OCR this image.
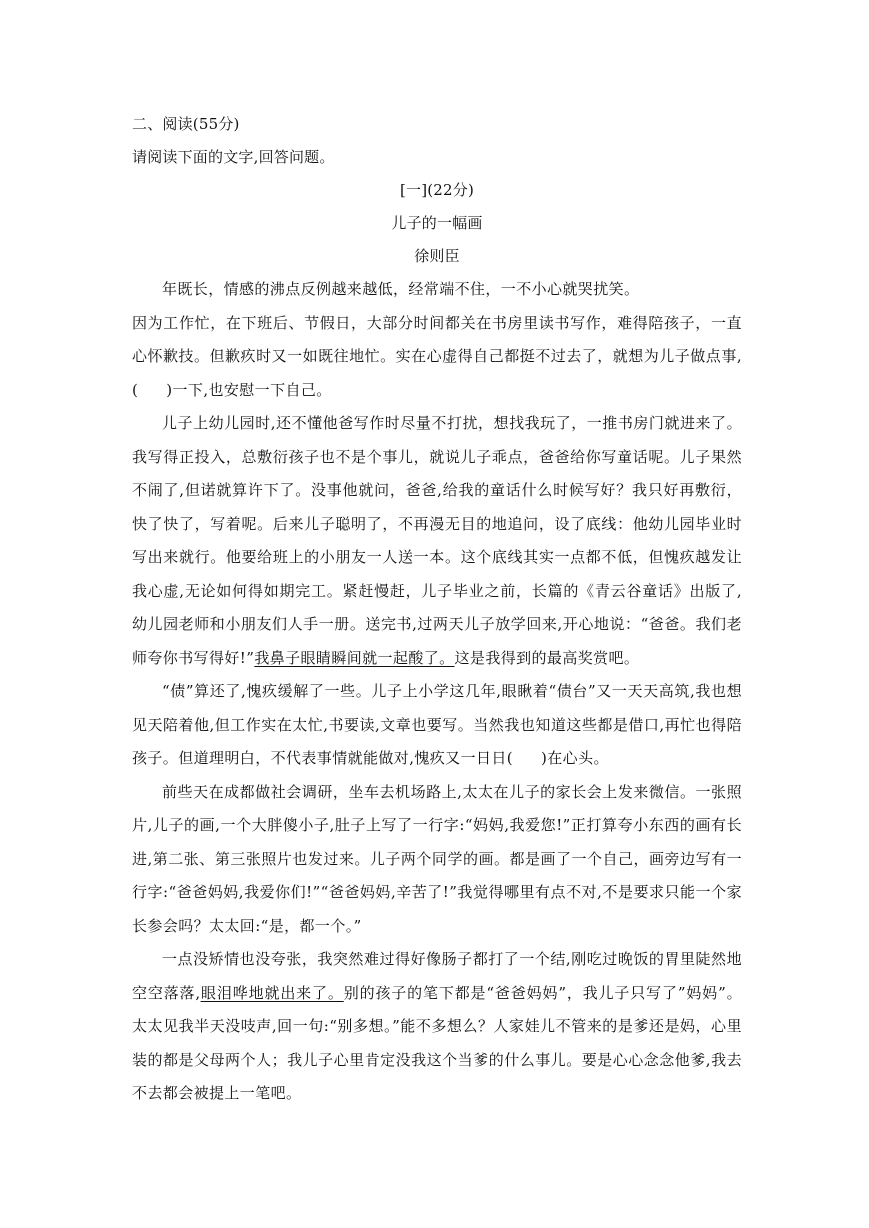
二、阅读(55分)
请阅读下面的文字,回答问题。
[一](22分)
儿子的一幅画
徐则臣
年既长，情感的沸点反例越来越低，经常端不住，一不小心就哭扰笑。
因为工作忙，在下班后、节假日，大部分时间都关在书房里读书写作，难得陪孩子，一直心怀歉技。但歉疚时又一如既往地忙。实在心虚得自己都挺不过去了，就想为儿子做点事,( )一下,也安慰一下自己。
儿子上幼儿园时,还不懂他爸写作时尽量不打扰，想找我玩了，一推书房门就进来了。我写得正投入，总敷衍孩子也不是个事儿，就说儿子乖点，爸爸给你写童话呢。儿子果然不闹了,但诺就算许下了。没事他就问，爸爸,给我的童话什么时候写好？我只好再敷衍，快了快了，写着呢。后来儿子聪明了，不再漫无目的地追问，设了底线：他幼儿园毕业时写出来就行。他要给班上的小朋友一人送一本。这个底线其实一点都不低，但愧疚越发让我心虚,无论如何得如期完工。紧赶慢赶，儿子毕业之前，长篇的《青云谷童话》出版了,幼儿园老师和小朋友们人手一册。送完书,过两天儿子放学回来,开心地说：“爸爸。我们老师夸你书写得好!”我鼻子眼睛瞬间就一起酸了。这是我得到的最高奖赏吧。
“债”算还了,愧疚缓解了一些。儿子上小学这几年,眼瞅着“债台”又一天天高筑,我也想见天陪着他,但工作实在太忙,书要读,文章也要写。当然我也知道这些都是借口,再忙也得陪孩子。但道理明白，不代表事情就能做对,愧疚又一日日( )在心头。
前些天在成都做社会调研，坐车去机场路上,太太在儿子的家长会上发来微信。一张照片,儿子的画,一个大胖傻小子,肚子上写了一行字:“妈妈,我爱您!”正打算夸小东西的画有长进,第二张、第三张照片也发过来。儿子两个同学的画。都是画了一个自己，画旁边写有一行字:“爸爸妈妈,我爱你们!”“爸爸妈妈,辛苦了!”我觉得哪里有点不对,不是要求只能一个家长参会吗？太太回:“是，都一个。”
一点没矫情也没夸张，我突然难过得好像肠子都打了一个结,刚吃过晚饭的胃里陡然地空空落落,眼泪哗地就出来了。别的孩子的笔下都是“爸爸妈妈”，我儿子只写了”妈妈”。 太太见我半天没吱声,回一句:“别多想。”能不多想么？人家娃儿不管来的是爹还是妈，心里装的都是父母两个人；我儿子心里肯定没我这个当爹的什么事儿。要是心心念念他爹,我去不去都会被提上一笔吧。
